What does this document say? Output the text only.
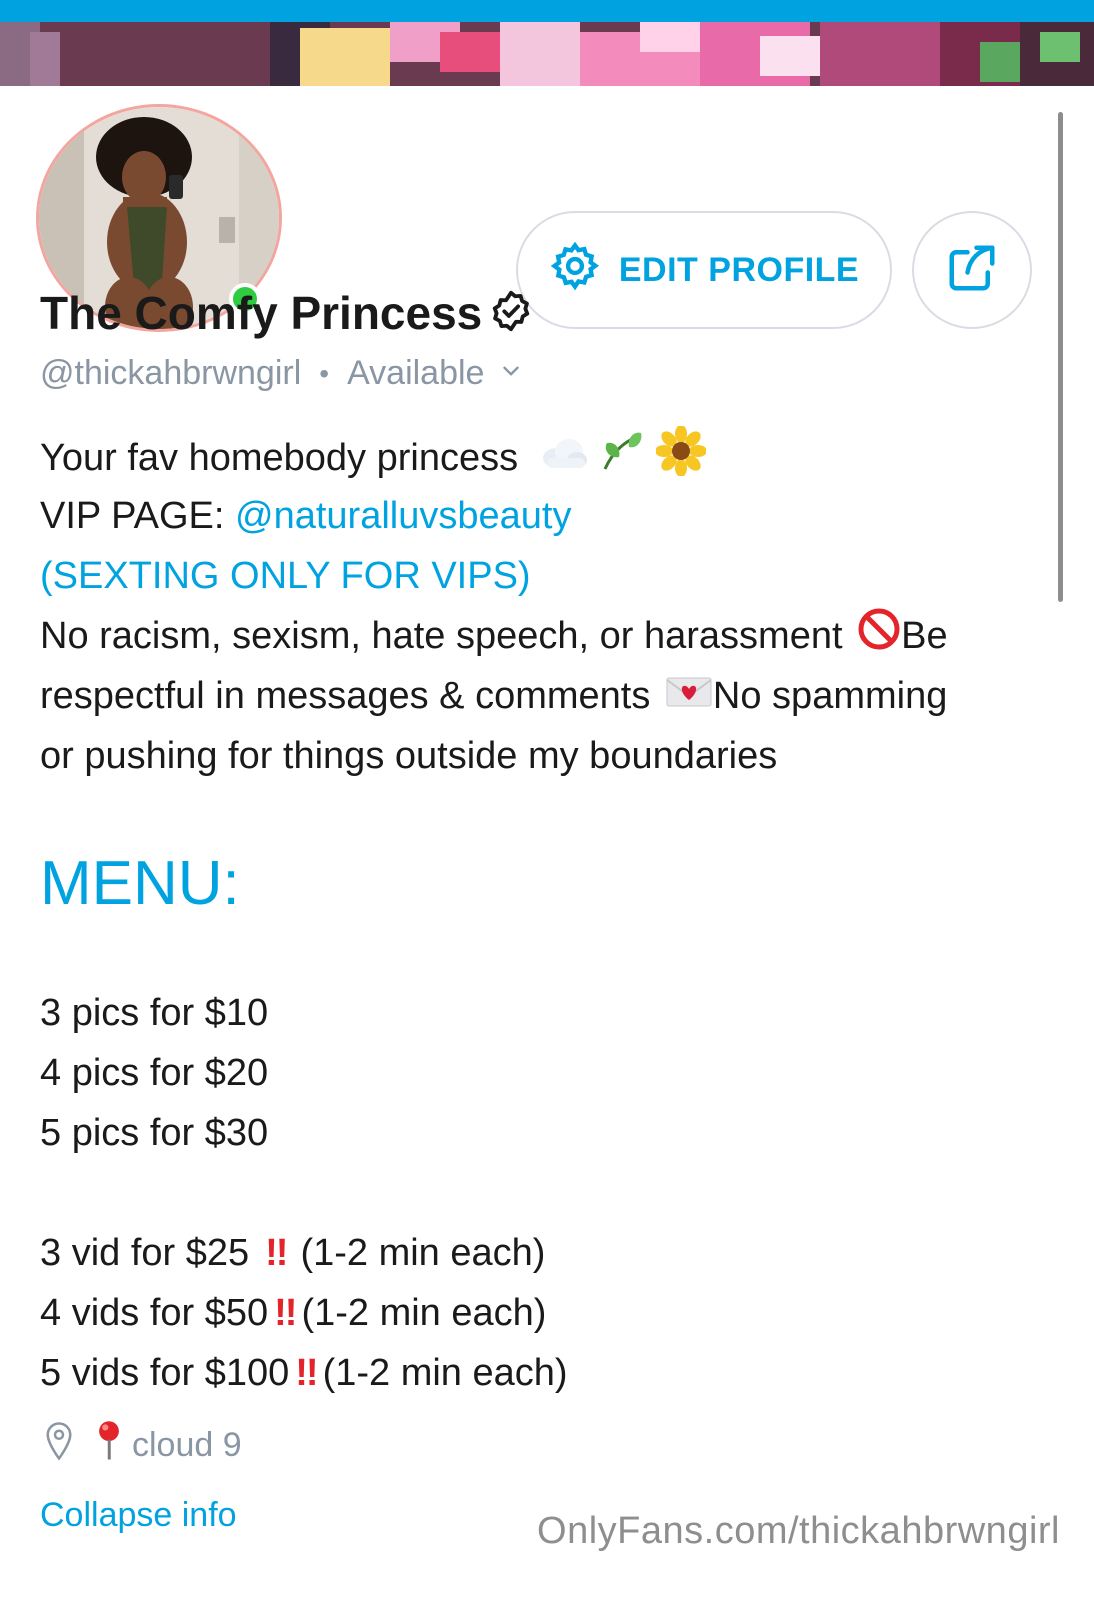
EDIT PROFILE
The Comfy Princess
@thickahbrwngirl • Available
Your fav homebody princess
VIP PAGE: @naturalluvsbeauty
(SEXTING ONLY FOR VIPS)
No racism, sexism, hate speech, or harassment Be
respectful in messages & comments No spamming
or pushing for things outside my boundaries
MENU:
3 pics for $10
4 pics for $20
5 pics for $30
3 vid for $25 !! (1-2 min each)
4 vids for $50 !! (1-2 min each)
5 vids for $100 !! (1-2 min each)
cloud 9
Collapse info	OnlyFans.com/thickahbrwngirl
